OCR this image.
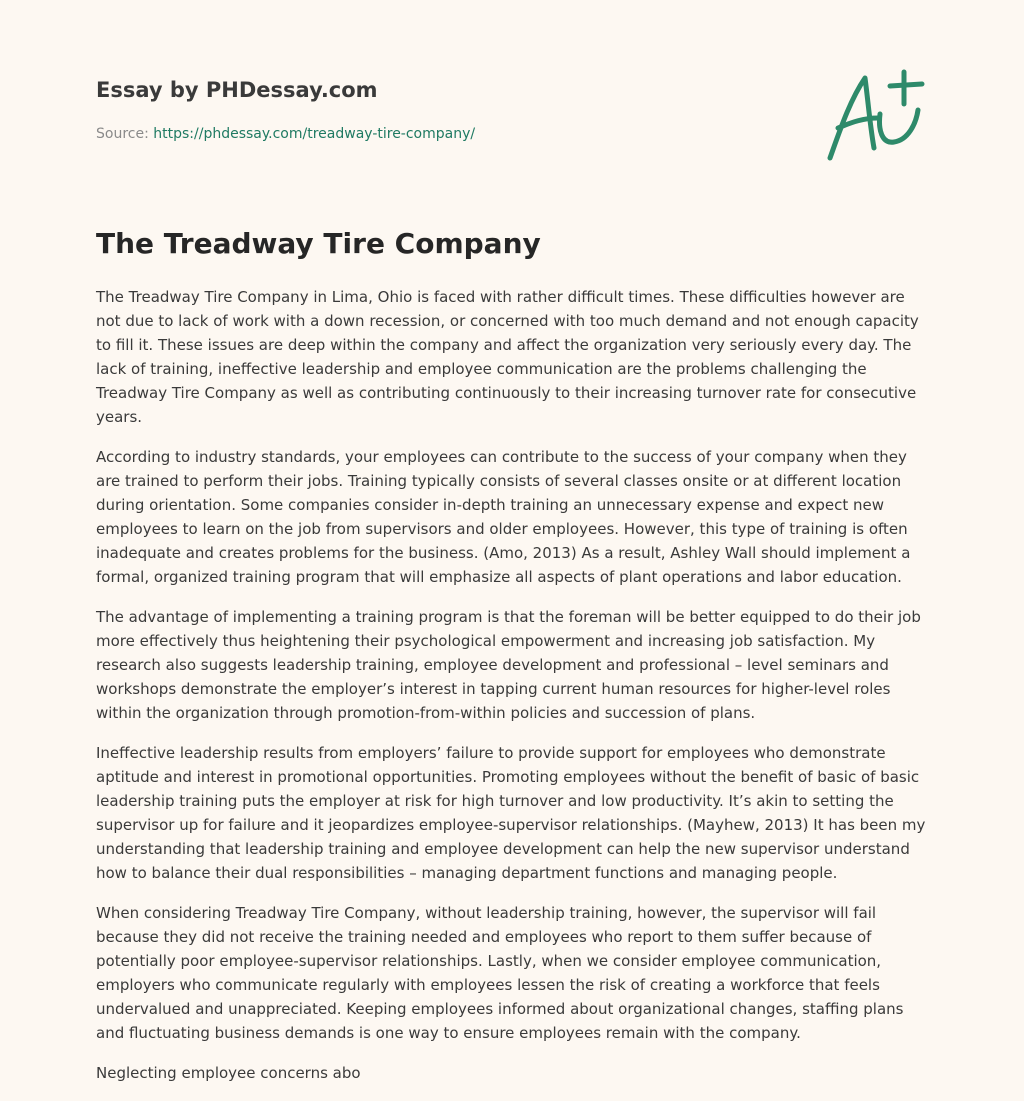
Essay by PHDessay.com

Source: https://phdessay.com/treadway-tire-company/
The Treadway Tire Company

The Treadway Tire Company in Lima, Ohio is faced with rather difficult times. These difficulties however are not due to lack of work with a down recession, or concerned with too much demand and not enough capacity to fill it. These issues are deep within the company and affect the organization very seriously every day. The lack of training, ineffective leadership and employee communication are the problems challenging the Treadway Tire Company as well as contributing continuously to their increasing turnover rate for consecutive years.

According to industry standards, your employees can contribute to the success of your company when they are trained to perform their jobs. Training typically consists of several classes onsite or at different location during orientation. Some companies consider in-depth training an unnecessary expense and expect new employees to learn on the job from supervisors and older employees. However, this type of training is often inadequate and creates problems for the business. (Amo, 2013) As a result, Ashley Wall should implement a formal, organized training program that will emphasize all aspects of plant operations and labor education.

The advantage of implementing a training program is that the foreman will be better equipped to do their job more effectively thus heightening their psychological empowerment and increasing job satisfaction. My research also suggests leadership training, employee development and professional – level seminars and workshops demonstrate the employer’s interest in tapping current human resources for higher-level roles within the organization through promotion-from-within policies and succession of plans.

Ineffective leadership results from employers’ failure to provide support for employees who demonstrate aptitude and interest in promotional opportunities. Promoting employees without the benefit of basic of basic leadership training puts the employer at risk for high turnover and low productivity. It’s akin to setting the supervisor up for failure and it jeopardizes employee-supervisor relationships. (Mayhew, 2013) It has been my understanding that leadership training and employee development can help the new supervisor understand how to balance their dual responsibilities – managing department functions and managing people.

When considering Treadway Tire Company, without leadership training, however, the supervisor will fail because they did not receive the training needed and employees who report to them suffer because of potentially poor employee-supervisor relationships. Lastly, when we consider employee communication, employers who communicate regularly with employees lessen the risk of creating a workforce that feels undervalued and unappreciated. Keeping employees informed about organizational changes, staffing plans and fluctuating business demands is one way to ensure employees remain with the company.

Neglecting employee concerns abo
